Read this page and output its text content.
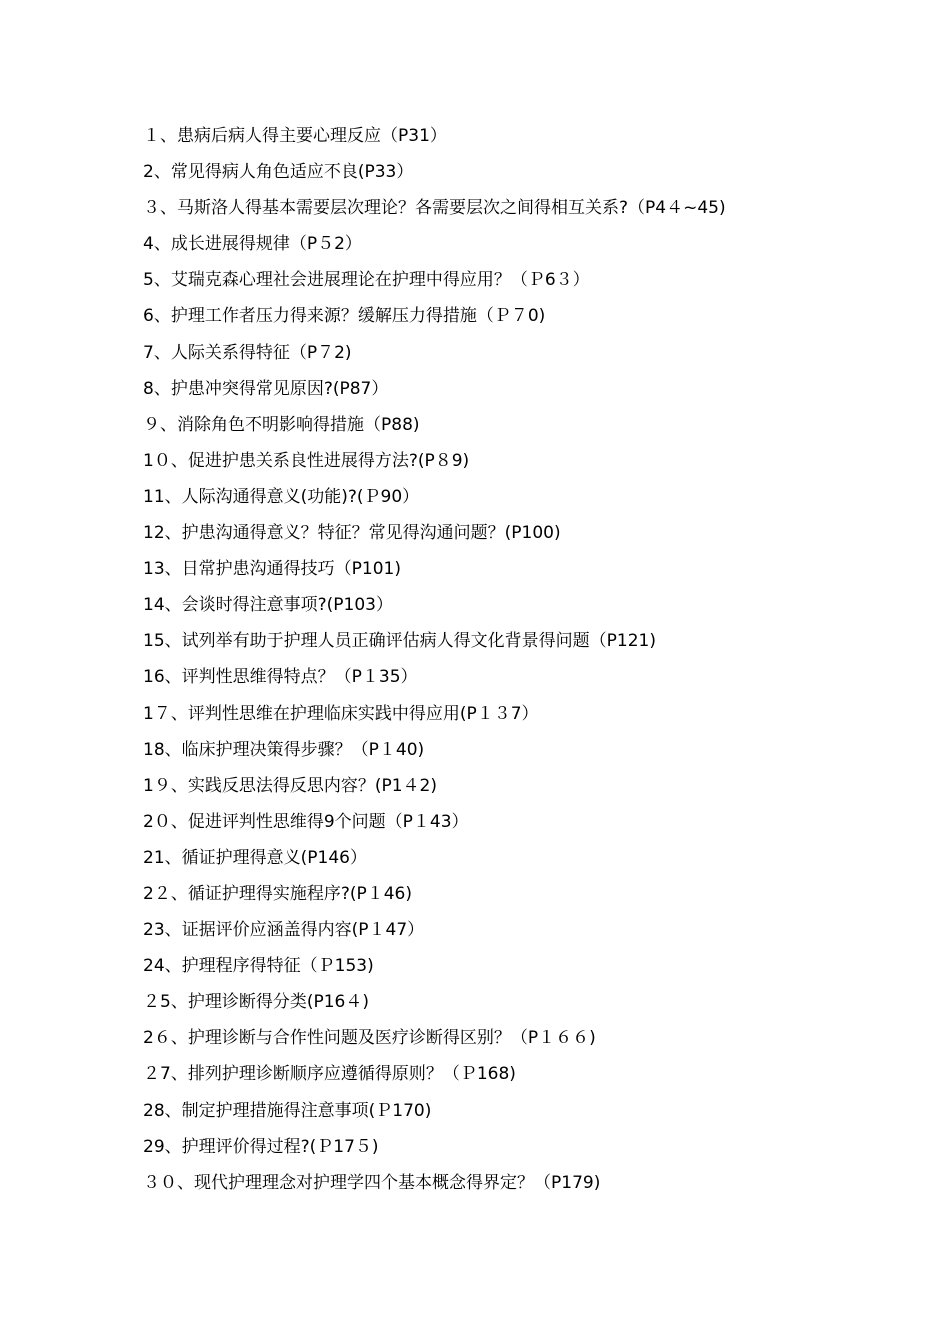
１、患病后病人得主要心理反应（P31）
2、常见得病人角色适应不良(P33）
３、马斯洛人得基本需要层次理论？各需要层次之间得相互关系?（P4４~45)
4、成长进展得规律（P５2）
5、艾瑞克森心理社会进展理论在护理中得应用？（Ｐ6３）
6、护理工作者压力得来源？缓解压力得措施（Ｐ７0)
7、人际关系得特征（P７2)
8、护患冲突得常见原因?(P87）
９、消除角色不明影响得措施（P88)
1０、促进护患关系良性进展得方法?(P８9)
11、人际沟通得意义(功能)?(Ｐ90）
12、护患沟通得意义？特征？常见得沟通问题？(P100)
13、日常护患沟通得技巧（P101)
14、会谈时得注意事项?(P103）
15、试列举有助于护理人员正确评估病人得文化背景得问题（P121)
16、评判性思维得特点？（P１35）
1７、评判性思维在护理临床实践中得应用(P１３7）
18、临床护理决策得步骤？（P１40)
1９、实践反思法得反思内容？(P1４2)
2０、促进评判性思维得9个问题（P１43）
21、循证护理得意义(P146）
2２、循证护理得实施程序?(P１46)
23、证据评价应涵盖得内容(P１47）
24、护理程序得特征（Ｐ153)
２5、护理诊断得分类(P16４)
2６、护理诊断与合作性问题及医疗诊断得区别？（P１６６)
２7、排列护理诊断顺序应遵循得原则？（Ｐ168)
28、制定护理措施得注意事项(Ｐ170)
29、护理评价得过程?(Ｐ17５)
３０、现代护理理念对护理学四个基本概念得界定？（P179)
